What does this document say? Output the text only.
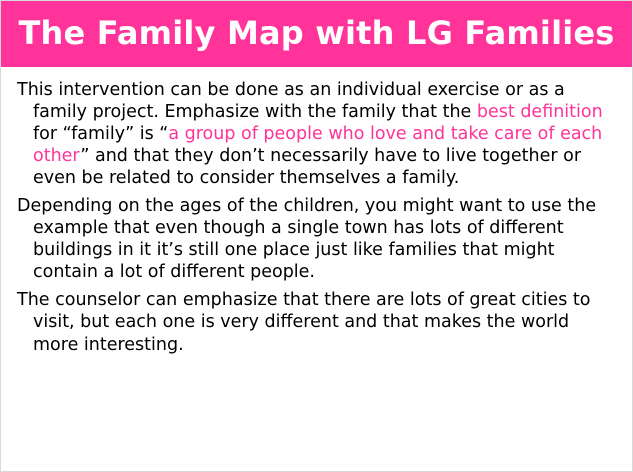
The Family Map with LG Families
This intervention can be done as an individual exercise or as a family project. Emphasize with the family that the best definition for “family” is “a group of people who love and take care of each other” and that they don’t necessarily have to live together or even be related to consider themselves a family.
Depending on the ages of the children, you might want to use the example that even though a single town has lots of different buildings in it it’s still one place just like families that might contain a lot of different people.
The counselor can emphasize that there are lots of great cities to visit, but each one is very different and that makes the world more interesting.
